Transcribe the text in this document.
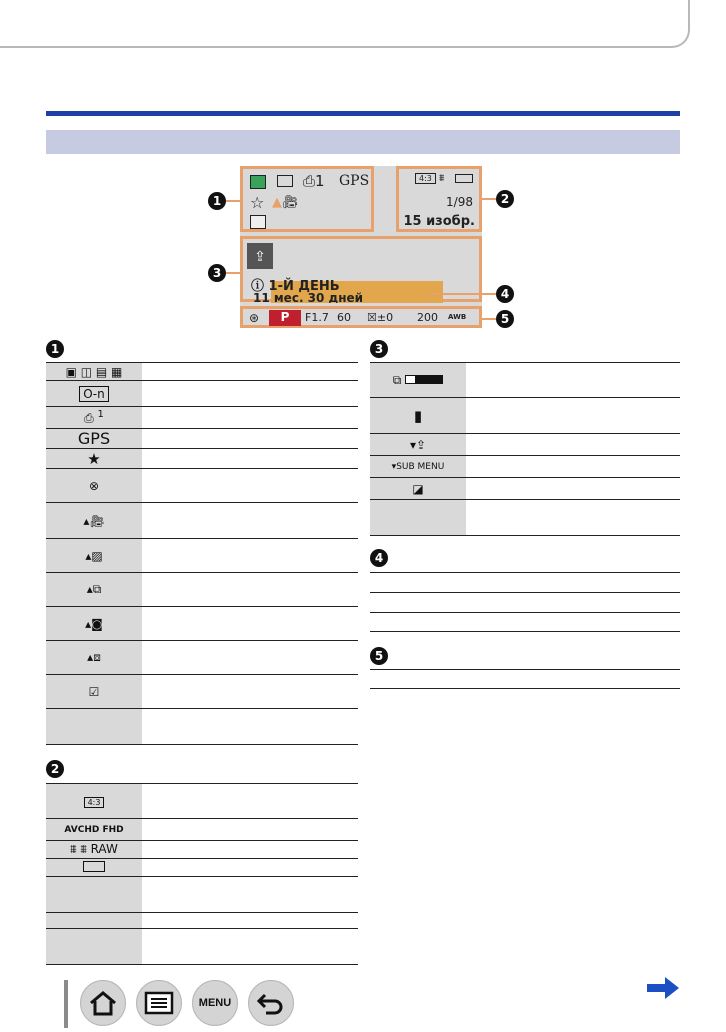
⎙1 GPS
☆ ▲🎥︎
4:3 ⩩
1/98
15 изобр.
⇪
ⓘ 1-Й ДЕНЬ
11 мес. 30 дней
⊛	P	F1.7 60 ☒±0 200 AWB
1	2
3
4
5
1
▣ ◫ ▤ ▦	
O‑n	
⎙ $^1$	
GPS	
★	
⊗	
▴🎥︎	
▴▨	
▴⧉	
▴◙	
▴⧈	
☑	

2
4:3	
AVCHD FHD	
⩩ ⩩ RAW	

3
⧉	
▮	
▾⇪	
▾SUB MENU	
◪	

4
5
MENU
